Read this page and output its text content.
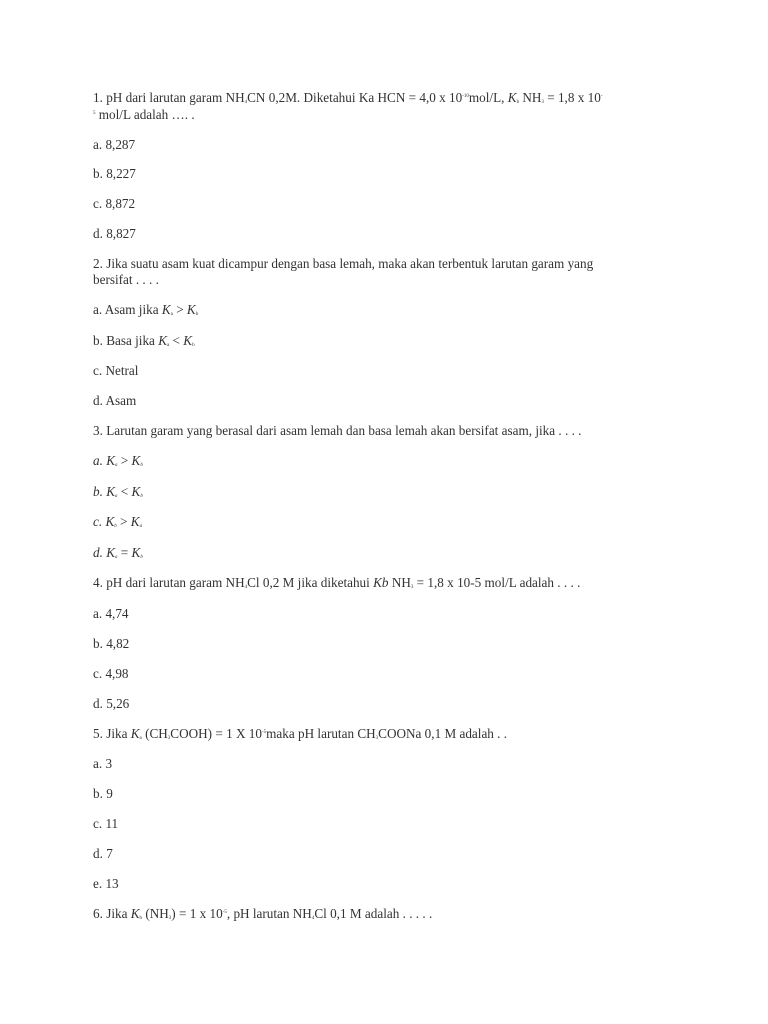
1. pH dari larutan garam $NH_4CN$ 0,2M. Diketahui Ka HCN = 4,0 x $10^{-10}mol/L$, $K_b$ $NH_3 = 1,8$ x 10-
$^5$ mol/L adalah …. .
a. 8,287
b. 8,227
c. 8,872
d. 8,827
2. Jika suatu asam kuat dicampur dengan basa lemah, maka akan terbentuk larutan garam yang
bersifat . . . .
a. Asam jika $K_a > K_b$
b. Basa jika $K_a < K_b$
c. Netral
d. Asam
3. Larutan garam yang berasal dari asam lemah dan basa lemah akan bersifat asam, jika . . . .
a. $K_a > K_b$
b. $K_a < K_b$
c. $K_b > K_a$
d. $K_a = K_b$
4. pH dari larutan garam $NH_4Cl$ 0,2 M jika diketahui Kb $NH_3 = 1,8$ x 10-5 mol/L adalah . . . .
a. 4,74
b. 4,82
c. 4,98
d. 5,26
5. Jika $K_a$ $(CH_3COOH) = 1$ X $10^{-5}maka$ pH larutan $CH_3COONa$ 0,1 M adalah . .
a. 3
b. 9
c. 11
d. 7
e. 13
6. Jika $K_b$ $(NH_3) = 1$ x $10^{-5}$, pH larutan $NH_4Cl$ 0,1 M adalah . . . . .
